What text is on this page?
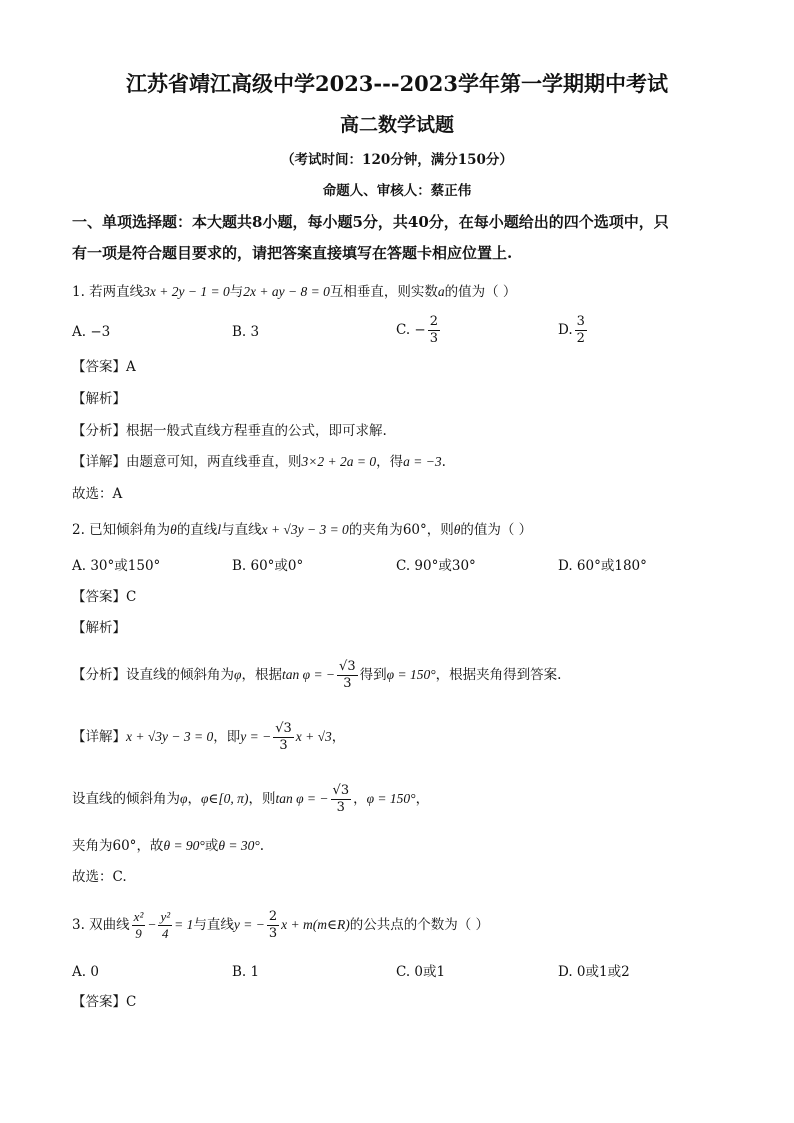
江苏省靖江高级中学2023---2023学年第一学期期中考试
高二数学试题
（考试时间：120分钟，满分150分）
命题人、审核人：蔡正伟
一、单项选择题：本大题共8小题，每小题5分，共40分，在每小题给出的四个选项中，只
有一项是符合题目要求的，请把答案直接填写在答题卡相应位置上.
1. 若两直线3x + 2y − 1 = 0与2x + ay − 8 = 0互相垂直，则实数a的值为（ ）
A. −3	B. 3	C. − $\frac{2}{3}$	D. $\frac{3}{2}$
【答案】A
【解析】
【分析】根据一般式直线方程垂直的公式，即可求解.
【详解】由题意可知，两直线垂直，则3×2 + 2a = 0，得a = −3.
故选：A
2. 已知倾斜角为θ的直线l与直线x + √3y − 3 = 0的夹角为60°，则θ的值为（ ）
A. 30°或150°	B. 60°或0°	C. 90°或30°	D. 60°或180°
【答案】C
【解析】
【分析】设直线的倾斜角为φ，根据tan φ = − $\frac{√3}{3}$ 得到φ = 150°，根据夹角得到答案.
【详解】x + √3y − 3 = 0，即y = − $\frac{√3}{3}$ x + √3，
设直线的倾斜角为φ，φ∈[0, π)，则tan φ = − $\frac{√3}{3}$ ，φ = 150°，
夹角为60°，故θ = 90°或θ = 30°.
故选：C.
3. 双曲线 $\frac{\text{x²}}{9} - \frac{\text{y²}}{4} = 1$与直线y = − $\frac{2}{3}$ x + m(m∈R)的公共点的个数为（ ）
A. 0	B. 1	C. 0或1	D. 0或1或2
【答案】C
